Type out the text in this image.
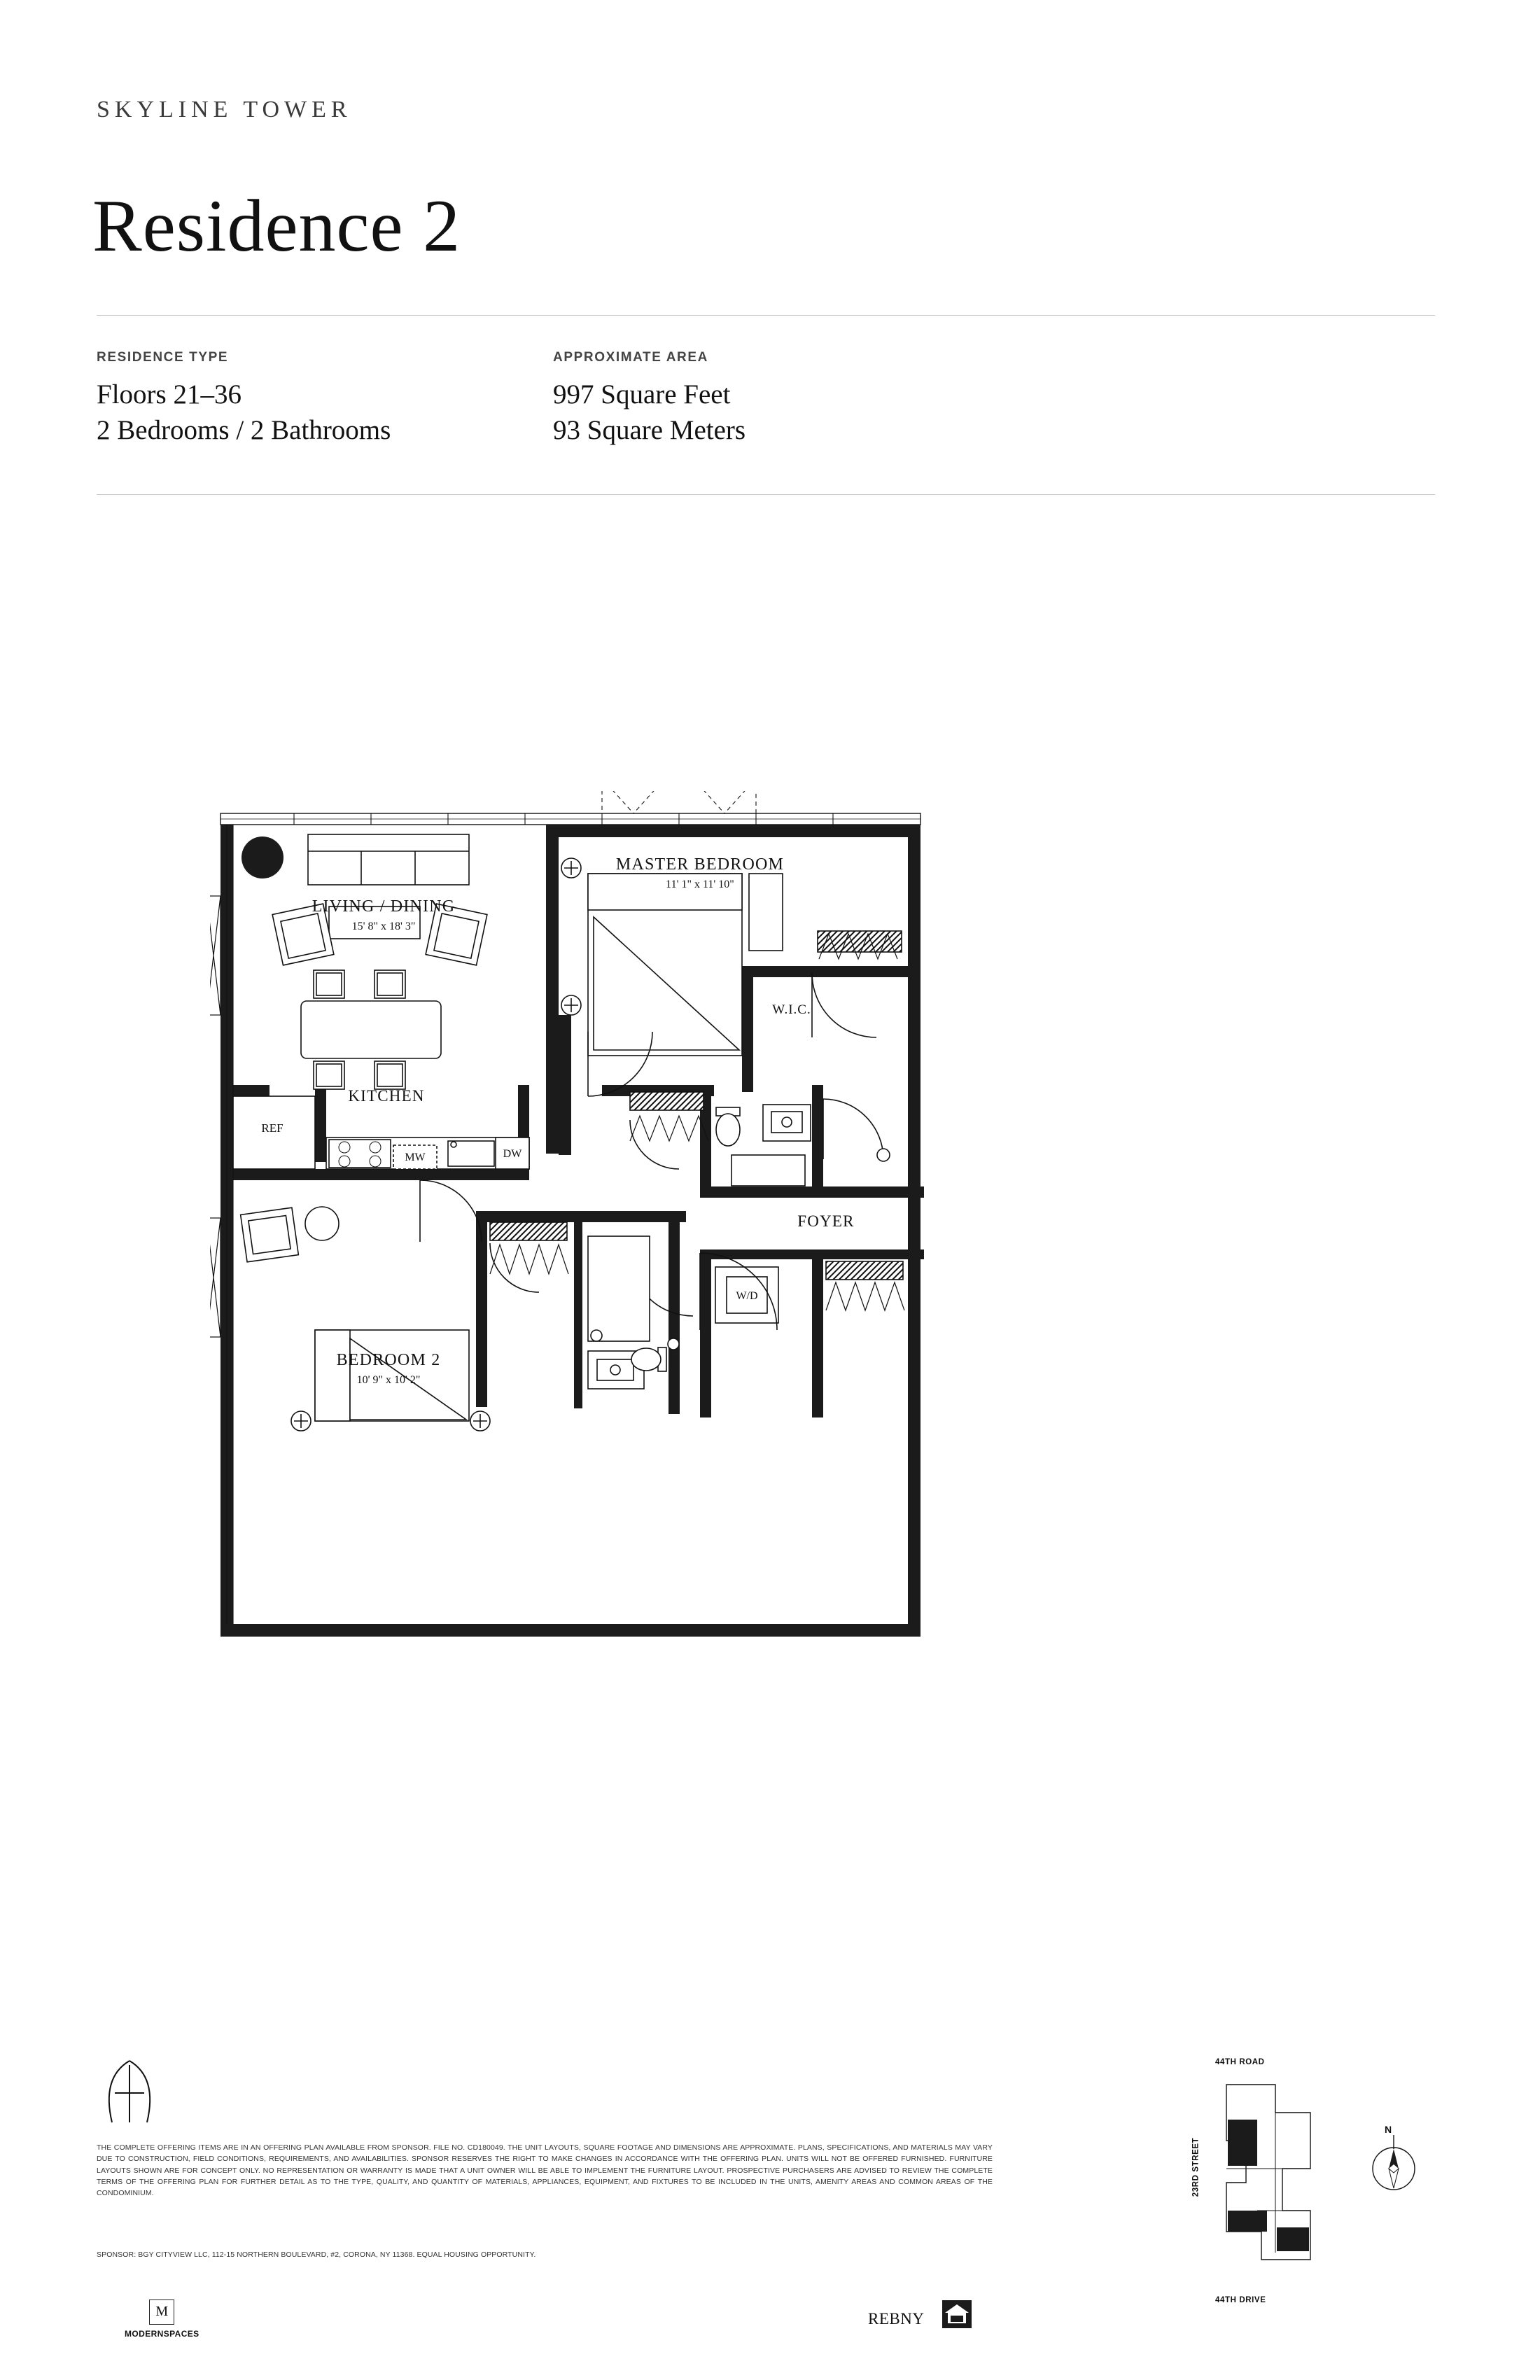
SKYLINE TOWER
Residence 2
RESIDENCE TYPE
Floors 21–36
2 Bedrooms / 2 Bathrooms
APPROXIMATE AREA
997 Square Feet
93 Square Meters
LIVING / DINING
15' 8" x 18' 3"
MASTER BEDROOM
11' 1" x 11' 10"
BEDROOM 2
10' 9" x 10' 2"
KITCHEN
FOYER
W.I.C.
REF
MW	DW
W/D
THE COMPLETE OFFERING ITEMS ARE IN AN OFFERING PLAN AVAILABLE FROM SPONSOR. FILE NO. CD180049. THE UNIT LAYOUTS, SQUARE FOOTAGE AND DIMENSIONS ARE APPROXIMATE. PLANS, SPECIFICATIONS, AND MATERIALS MAY VARY DUE TO CONSTRUCTION, FIELD CONDITIONS, REQUIREMENTS, AND AVAILABILITIES. SPONSOR RESERVES THE RIGHT TO MAKE CHANGES IN ACCORDANCE WITH THE OFFERING PLAN. UNITS WILL NOT BE OFFERED FURNISHED. FURNITURE LAYOUTS SHOWN ARE FOR CONCEPT ONLY. NO REPRESENTATION OR WARRANTY IS MADE THAT A UNIT OWNER WILL BE ABLE TO IMPLEMENT THE FURNITURE LAYOUT. PROSPECTIVE PURCHASERS ARE ADVISED TO REVIEW THE COMPLETE TERMS OF THE OFFERING PLAN FOR FURTHER DETAIL AS TO THE TYPE, QUALITY, AND QUANTITY OF MATERIALS, APPLIANCES, EQUIPMENT, AND FIXTURES TO BE INCLUDED IN THE UNITS, AMENITY AREAS AND COMMON AREAS OF THE CONDOMINIUM.
SPONSOR: BGY CITYVIEW LLC, 112-15 NORTHERN BOULEVARD, #2, CORONA, NY 11368. EQUAL HOUSING OPPORTUNITY.
M
MODERNSPACES
REBNY
44TH ROAD
44TH DRIVE
23RD STREET
N
